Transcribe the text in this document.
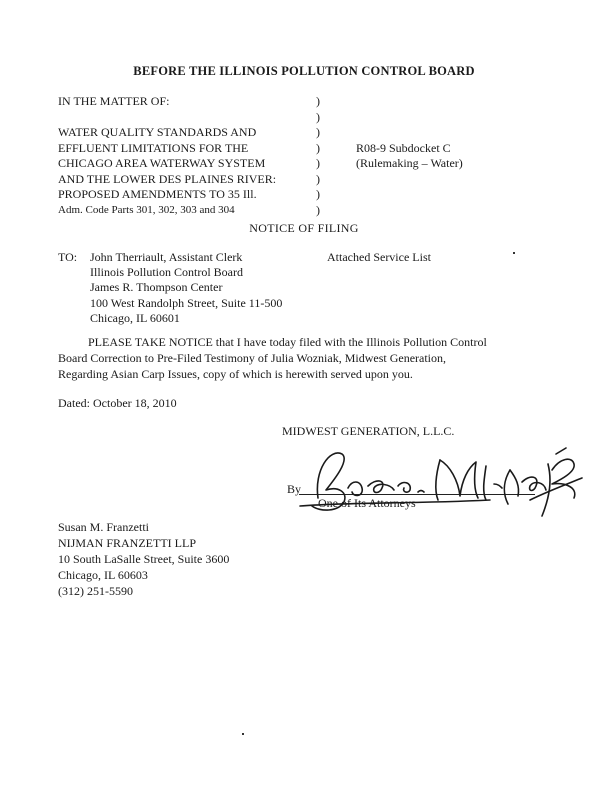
BEFORE THE ILLINOIS POLLUTION CONTROL BOARD
IN THE MATTER OF:
WATER QUALITY STANDARDS AND
EFFLUENT LIMITATIONS FOR THE
CHICAGO AREA WATERWAY SYSTEM
AND THE LOWER DES PLAINES RIVER:
PROPOSED AMENDMENTS TO 35 Ill.
Adm. Code Parts 301, 302, 303 and 304
)
)
)
)
)
)
)
)
R08-9 Subdocket C
(Rulemaking – Water)
NOTICE OF FILING
TO: John Therriault, Assistant Clerk
Illinois Pollution Control Board
James R. Thompson Center
100 West Randolph Street, Suite 11-500
Chicago, IL 60601
Attached Service List
PLEASE TAKE NOTICE that I have today filed with the Illinois Pollution Control Board Correction to Pre-Filed Testimony of Julia Wozniak, Midwest Generation, Regarding Asian Carp Issues, copy of which is herewith served upon you.
Dated: October 18, 2010
MIDWEST GENERATION, L.L.C.
By
One of Its Attorneys
Susan M. Franzetti
NIJMAN FRANZETTI LLP
10 South LaSalle Street, Suite 3600
Chicago, IL 60603
(312) 251-5590
